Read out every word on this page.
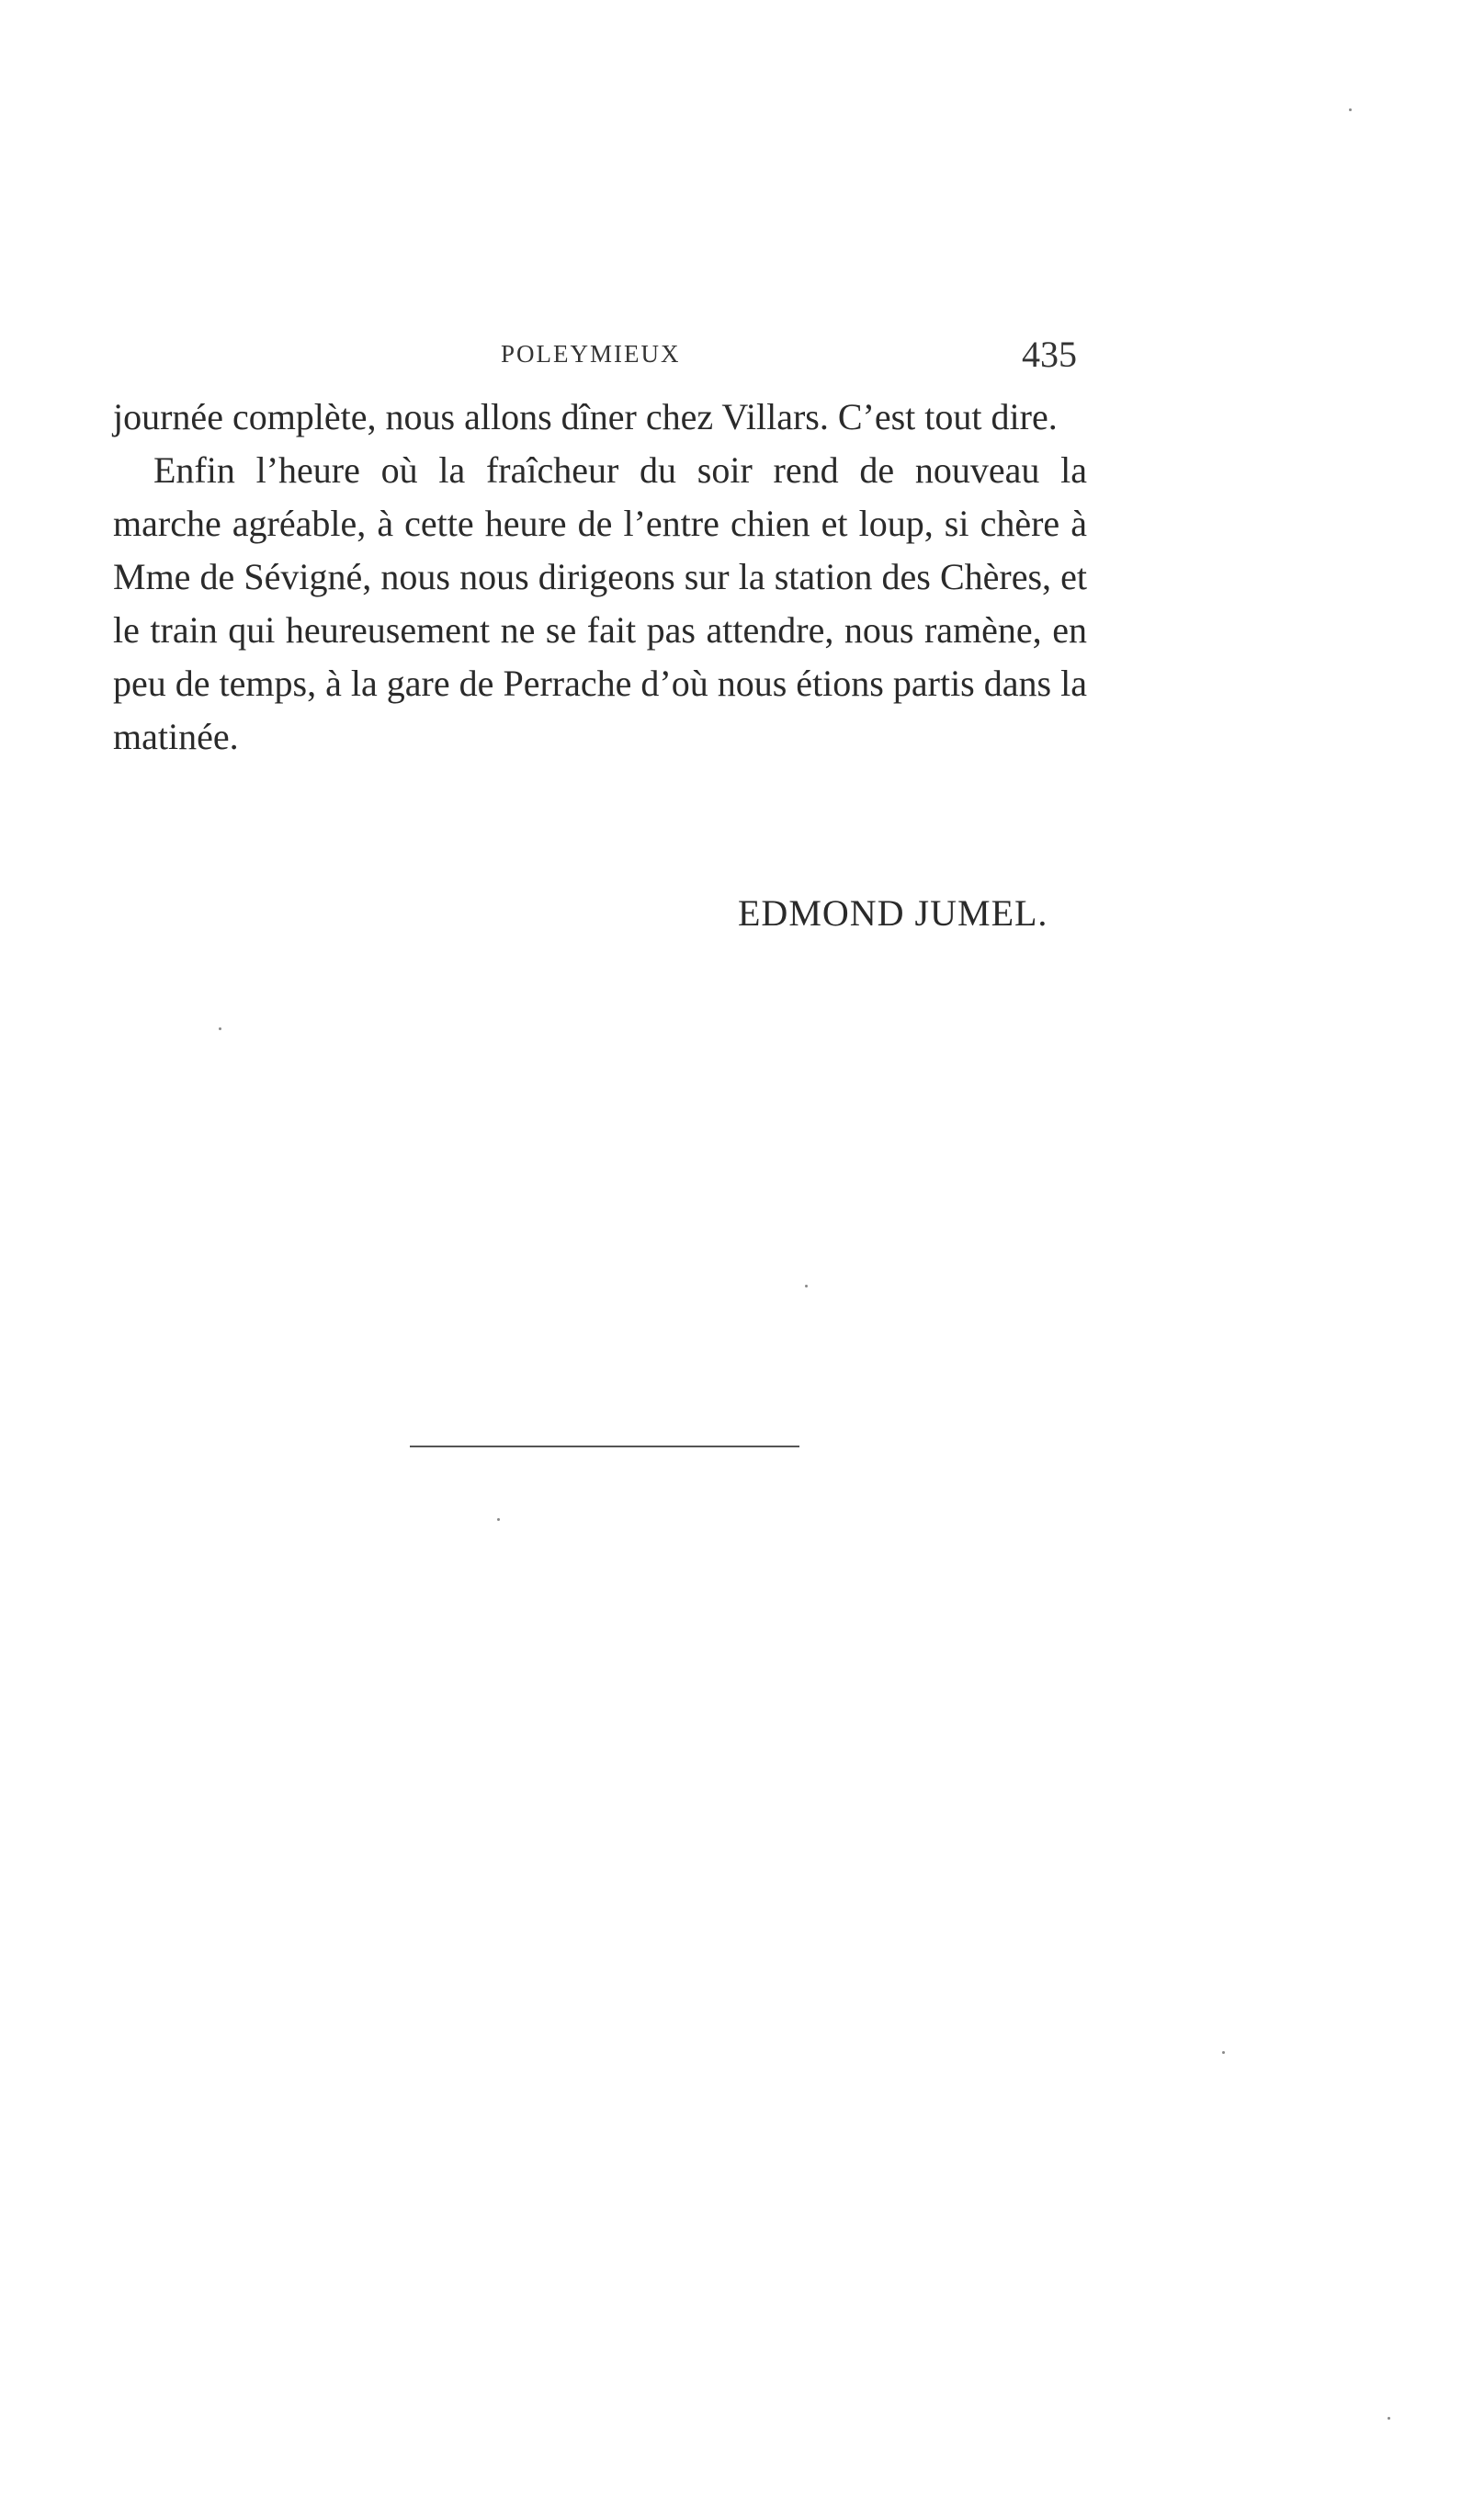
POLEYMIEUX	435

journée complète, nous allons dîner chez Villars. C’est tout dire.

Enfin l’heure où la fraîcheur du soir rend de nouveau la marche agréable, à cette heure de l’entre chien et loup, si chère à Mme de Sévigné, nous nous dirigeons sur la station des Chères, et le train qui heureusement ne se fait pas attendre, nous ramène, en peu de temps, à la gare de Perrache d’où nous étions partis dans la matinée.

EDMOND JUMEL.
